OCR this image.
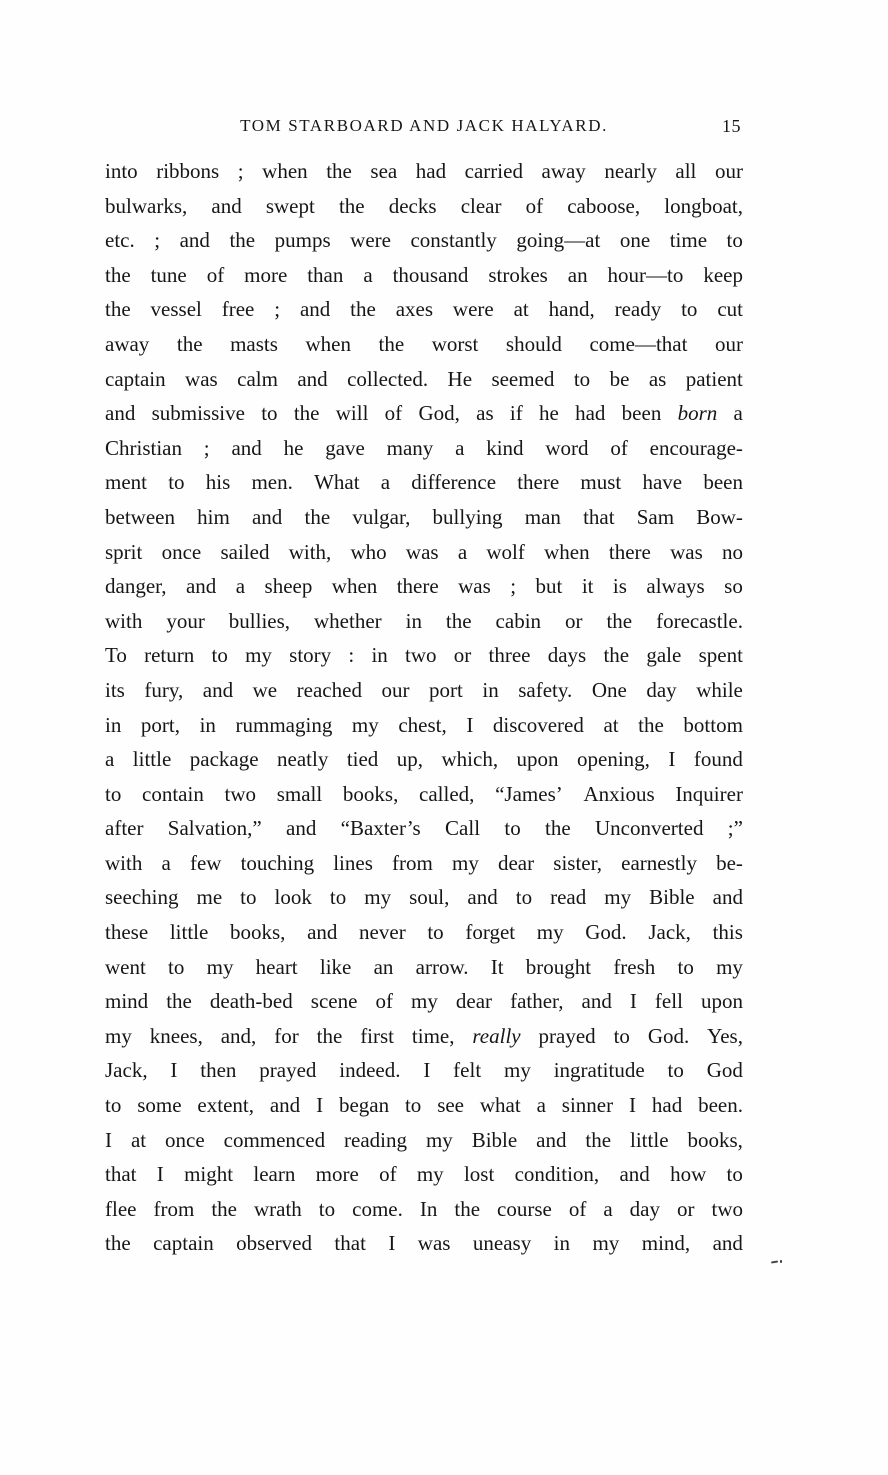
TOM STARBOARD AND JACK HALYARD.	15
into ribbons ; when the sea had carried away nearly all our
bulwarks, and swept the decks clear of caboose, longboat,
etc. ; and the pumps were constantly going—at one time to
the tune of more than a thousand strokes an hour—to keep
the vessel free ; and the axes were at hand, ready to cut
away the masts when the worst should come—that our
captain was calm and collected. He seemed to be as patient
and submissive to the will of God, as if he had been born a
Christian ; and he gave many a kind word of encourage-
ment to his men. What a difference there must have been
between him and the vulgar, bullying man that Sam Bow-
sprit once sailed with, who was a wolf when there was no
danger, and a sheep when there was ; but it is always so
with your bullies, whether in the cabin or the forecastle.
To return to my story : in two or three days the gale spent
its fury, and we reached our port in safety. One day while
in port, in rummaging my chest, I discovered at the bottom
a little package neatly tied up, which, upon opening, I found
to contain two small books, called, “James’ Anxious Inquirer
after Salvation,” and “Baxter’s Call to the Unconverted ;”
with a few touching lines from my dear sister, earnestly be-
seeching me to look to my soul, and to read my Bible and
these little books, and never to forget my God. Jack, this
went to my heart like an arrow. It brought fresh to my
mind the death-bed scene of my dear father, and I fell upon
my knees, and, for the first time, really prayed to God. Yes,
Jack, I then prayed indeed. I felt my ingratitude to God
to some extent, and I began to see what a sinner I had been.
I at once commenced reading my Bible and the little books,
that I might learn more of my lost condition, and how to
flee from the wrath to come. In the course of a day or two
the captain observed that I was uneasy in my mind, and
